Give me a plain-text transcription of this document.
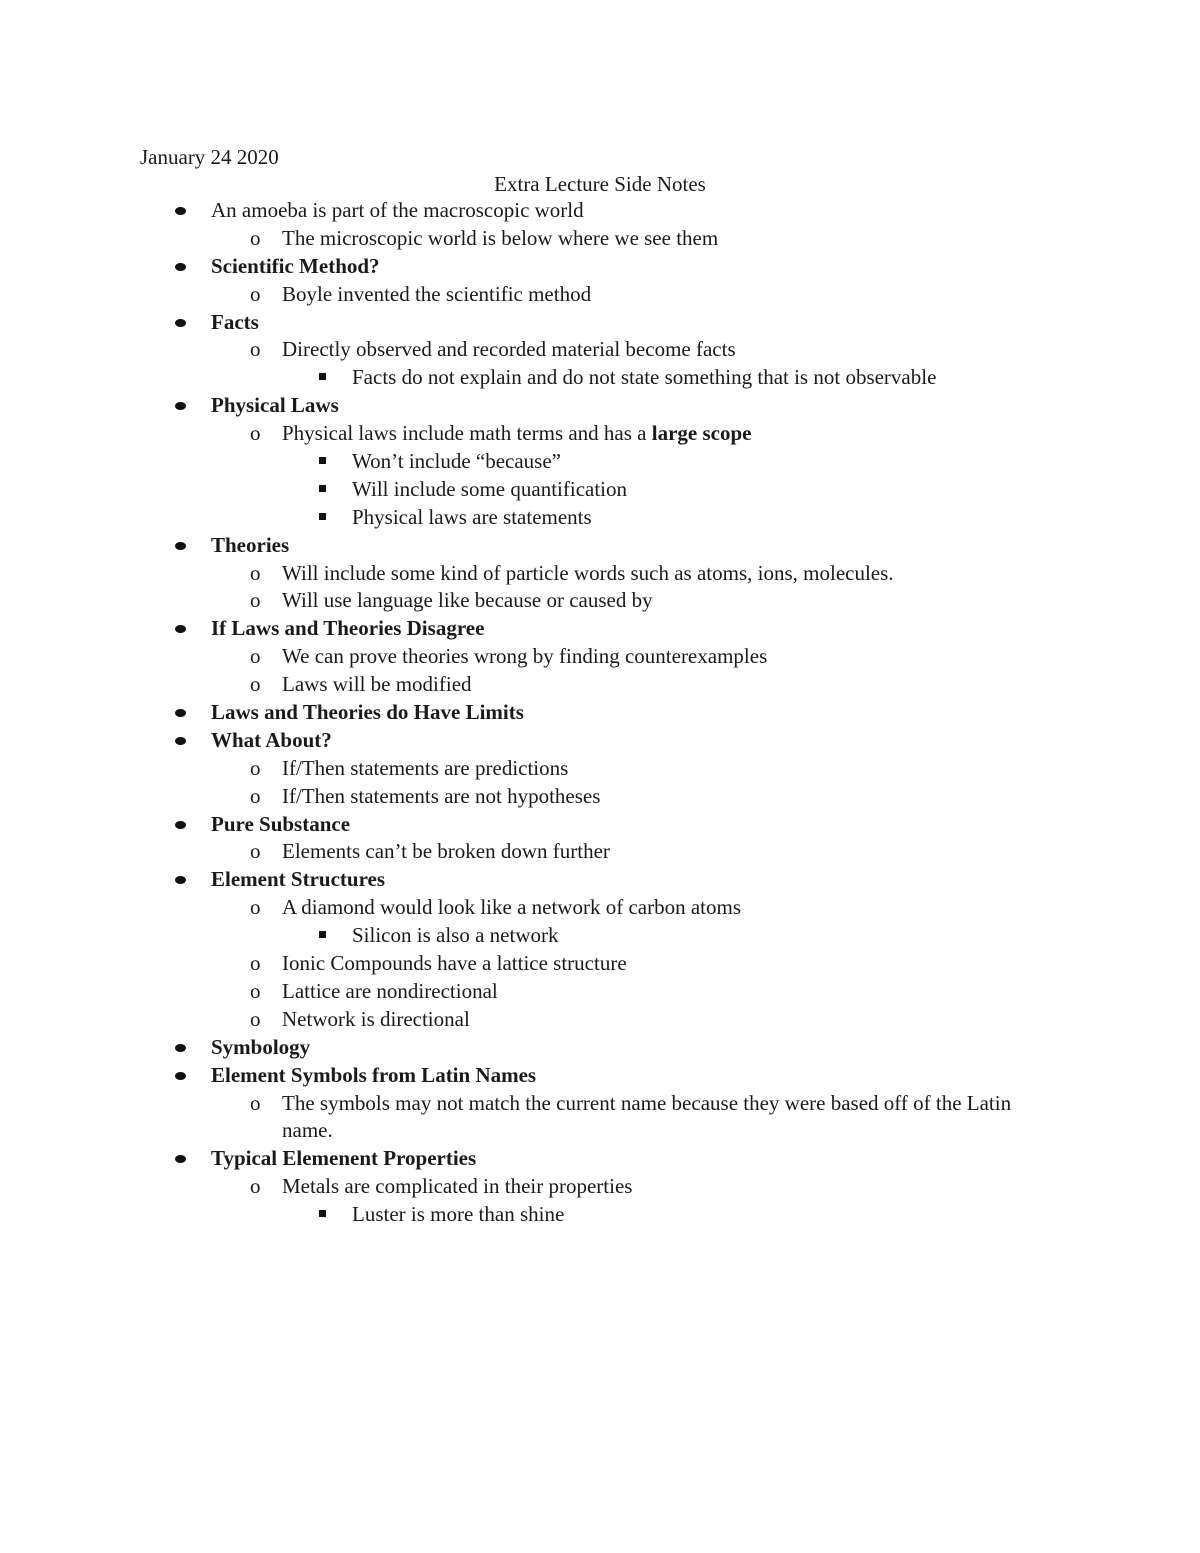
January 24 2020
Extra Lecture Side Notes
An amoeba is part of the macroscopic world
o The microscopic world is below where we see them
Scientific Method?
o Boyle invented the scientific method
Facts
o Directly observed and recorded material become facts
Facts do not explain and do not state something that is not observable
Physical Laws
o Physical laws include math terms and has a large scope
Won’t include “because”
Will include some quantification
Physical laws are statements
Theories
o Will include some kind of particle words such as atoms, ions, molecules.
o Will use language like because or caused by
If Laws and Theories Disagree
o We can prove theories wrong by finding counterexamples
o Laws will be modified
Laws and Theories do Have Limits
What About?
o If/Then statements are predictions
o If/Then statements are not hypotheses
Pure Substance
o Elements can’t be broken down further
Element Structures
o A diamond would look like a network of carbon atoms
Silicon is also a network
o Ionic Compounds have a lattice structure
o Lattice are nondirectional
o Network is directional
Symbology
Element Symbols from Latin Names
o The symbols may not match the current name because they were based off of the Latin name.
Typical Elemenent Properties
o Metals are complicated in their properties
Luster is more than shine
